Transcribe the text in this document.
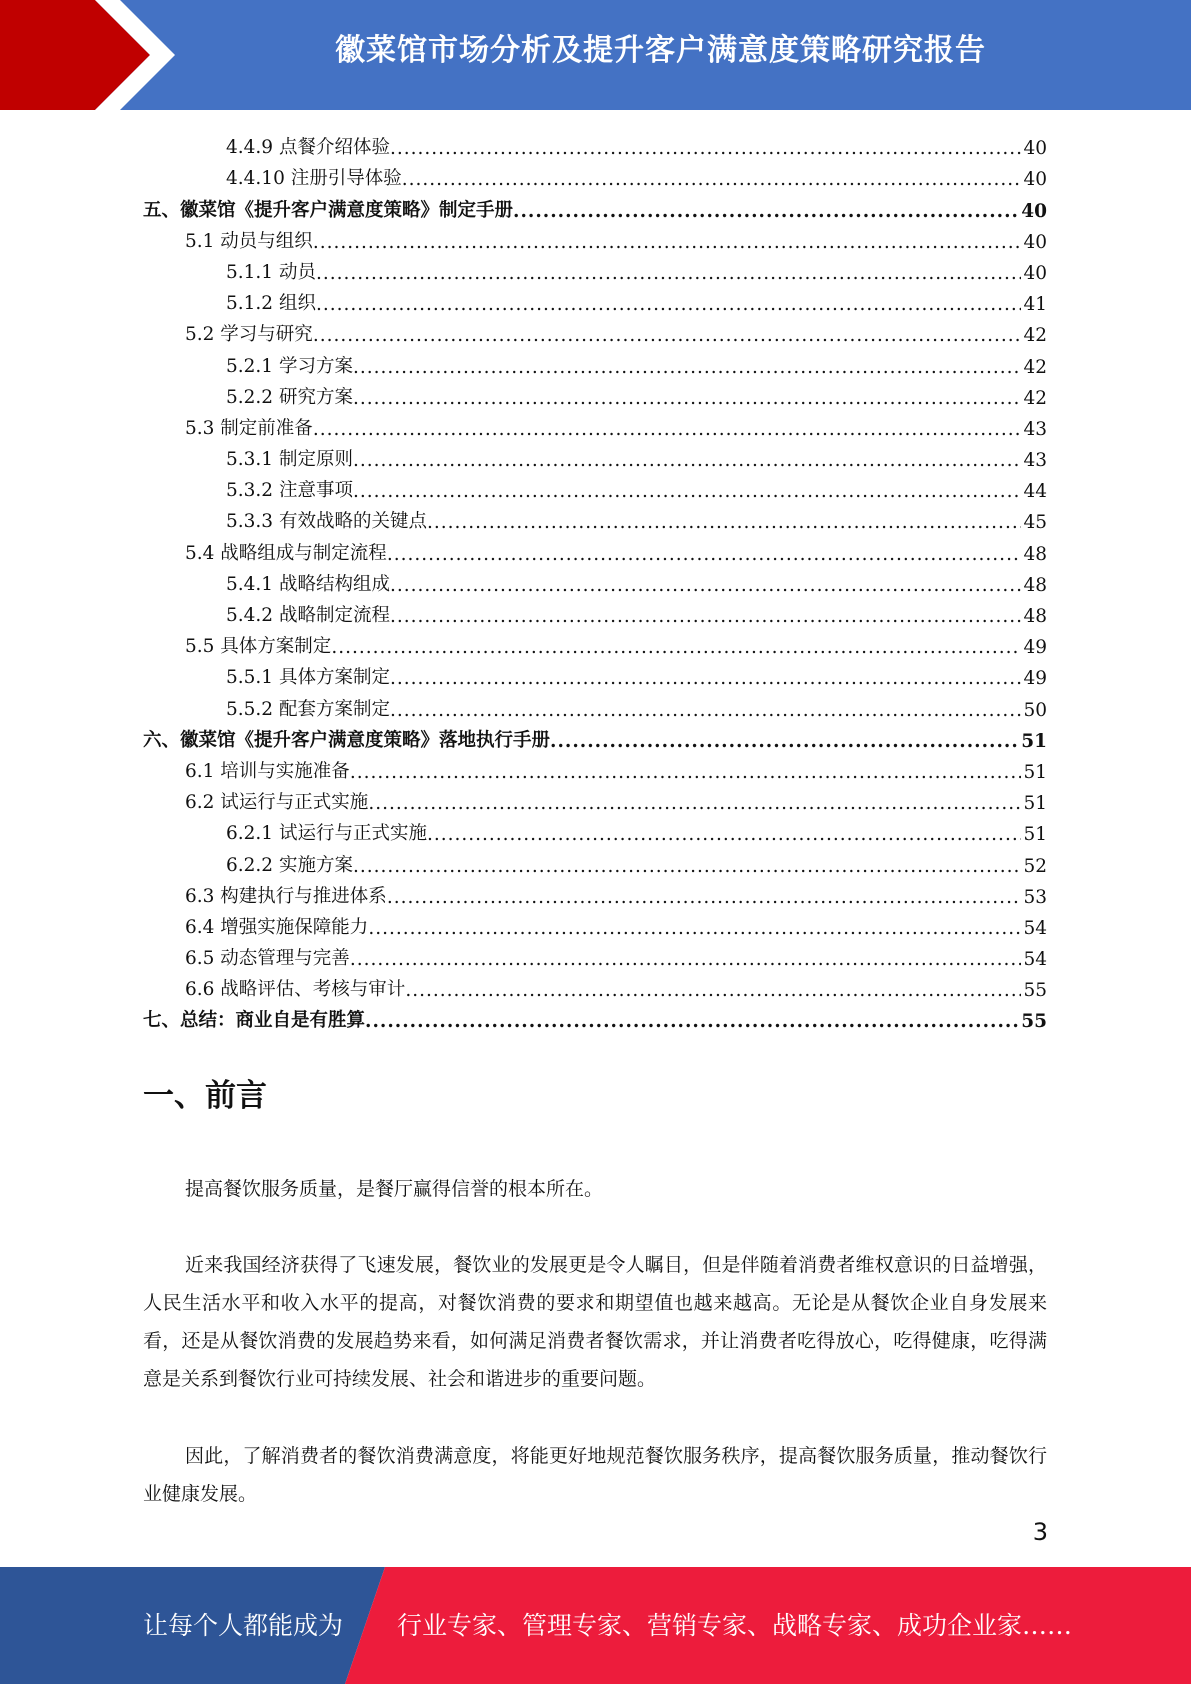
徽菜馆市场分析及提升客户满意度策略研究报告
4.4.9 点餐介绍体验 .....	40
4.4.10 注册引导体验 .....	40
五、徽菜馆《提升客户满意度策略》制定手册 .....	40
5.1 动员与组织 .....	40
5.1.1 动员 .....	40
5.1.2 组织 .....	41
5.2 学习与研究 .....	42
5.2.1 学习方案 .....	42
5.2.2 研究方案 .....	42
5.3 制定前准备 .....	43
5.3.1 制定原则 .....	43
5.3.2 注意事项 .....	44
5.3.3 有效战略的关键点 .....	45
5.4 战略组成与制定流程 .....	48
5.4.1 战略结构组成 .....	48
5.4.2 战略制定流程 .....	48
5.5 具体方案制定 .....	49
5.5.1 具体方案制定 .....	49
5.5.2 配套方案制定 .....	50
六、徽菜馆《提升客户满意度策略》落地执行手册 .....	51
6.1 培训与实施准备 .....	51
6.2 试运行与正式实施 .....	51
6.2.1 试运行与正式实施 .....	51
6.2.2 实施方案 .....	52
6.3 构建执行与推进体系 .....	53
6.4 增强实施保障能力 .....	54
6.5 动态管理与完善 .....	54
6.6 战略评估、考核与审计 .....	55
七、总结：商业自是有胜算 .....	55
一、前言

提高餐饮服务质量，是餐厅赢得信誉的根本所在。

近来我国经济获得了飞速发展，餐饮业的发展更是令人瞩目，但是伴随着消费者维权意识的日益增强，人民生活水平和收入水平的提高，对餐饮消费的要求和期望值也越来越高。无论是从餐饮企业自身发展来看，还是从餐饮消费的发展趋势来看，如何满足消费者餐饮需求，并让消费者吃得放心，吃得健康，吃得满意是关系到餐饮行业可持续发展、社会和谐进步的重要问题。

因此，了解消费者的餐饮消费满意度，将能更好地规范餐饮服务秩序，提高餐饮服务质量，推动餐饮行业健康发展。

3
让每个人都能成为 行业专家、管理专家、营销专家、战略专家、成功企业家……
